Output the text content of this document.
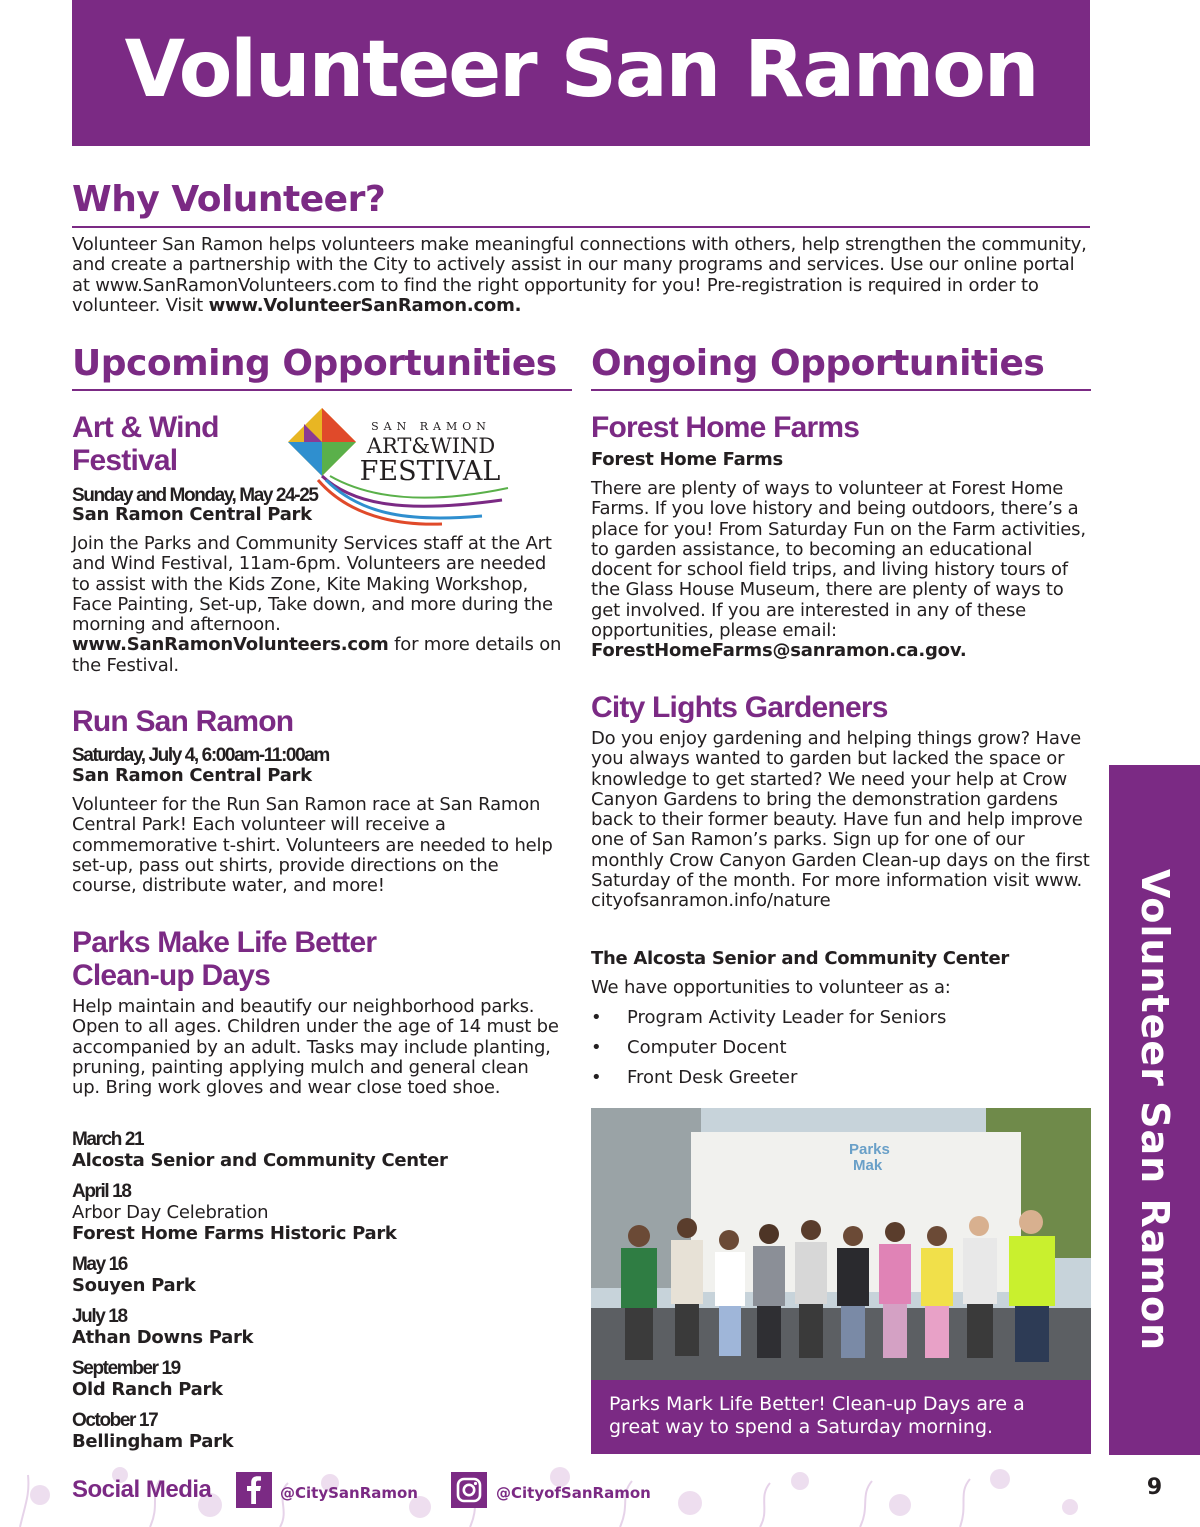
Volunteer San Ramon
Why Volunteer?
Volunteer San Ramon helps volunteers make meaningful connections with others, help strengthen the community, and create a partnership with the City to actively assist in our many programs and services. Use our online portal at www.SanRamonVolunteers.com to find the right opportunity for you! Pre-registration is required in order to volunteer. Visit www.VolunteerSanRamon.com.
Upcoming Opportunities Ongoing Opportunities
Art & Wind Festival
SAN RAMON
ART&WIND
FESTIVAL
Sunday and Monday, May 24-25
San Ramon Central Park
Join the Parks and Community Services staff at the Art and Wind Festival, 11am-6pm. Volunteers are needed to assist with the Kids Zone, Kite Making Workshop, Face Painting, Set-up, Take down, and more during the morning and afternoon. www.SanRamonVolunteers.com for more details on the Festival.
Run San Ramon
Saturday, July 4, 6:00am-11:00am
San Ramon Central Park
Volunteer for the Run San Ramon race at San Ramon Central Park! Each volunteer will receive a commemorative t-shirt. Volunteers are needed to help set-up, pass out shirts, provide directions on the course, distribute water, and more!
Parks Make Life Better
Clean-up Days
Help maintain and beautify our neighborhood parks. Open to all ages. Children under the age of 14 must be accompanied by an adult. Tasks may include planting, pruning, painting applying mulch and general clean up. Bring work gloves and wear close toed shoe.
March 21
Alcosta Senior and Community Center
April 18
Arbor Day Celebration
Forest Home Farms Historic Park
May 16
Souyen Park
July 18
Athan Downs Park
September 19
Old Ranch Park
October 17
Bellingham Park
Forest Home Farms
Forest Home Farms
There are plenty of ways to volunteer at Forest Home Farms. If you love history and being outdoors, there’s a place for you! From Saturday Fun on the Farm activities, to garden assistance, to becoming an educational docent for school field trips, and living history tours of the Glass House Museum, there are plenty of ways to get involved. If you are interested in any of these opportunities, please email: ForestHomeFarms@sanramon.ca.gov.
City Lights Gardeners
Do you enjoy gardening and helping things grow? Have you always wanted to garden but lacked the space or knowledge to get started? We need your help at Crow Canyon Gardens to bring the demonstration gardens back to their former beauty. Have fun and help improve one of San Ramon’s parks. Sign up for one of our monthly Crow Canyon Garden Clean-up days on the first Saturday of the month. For more information visit www. cityofsanramon.info/nature
The Alcosta Senior and Community Center
We have opportunities to volunteer as a:
• Program Activity Leader for Seniors
• Computer Docent
• Front Desk Greeter
Parks
Mak
Parks Mark Life Better! Clean-up Days are a great way to spend a Saturday morning.
Volunteer San Ramon
Social Media	@CitySanRamon	@CityofSanRamon	9
